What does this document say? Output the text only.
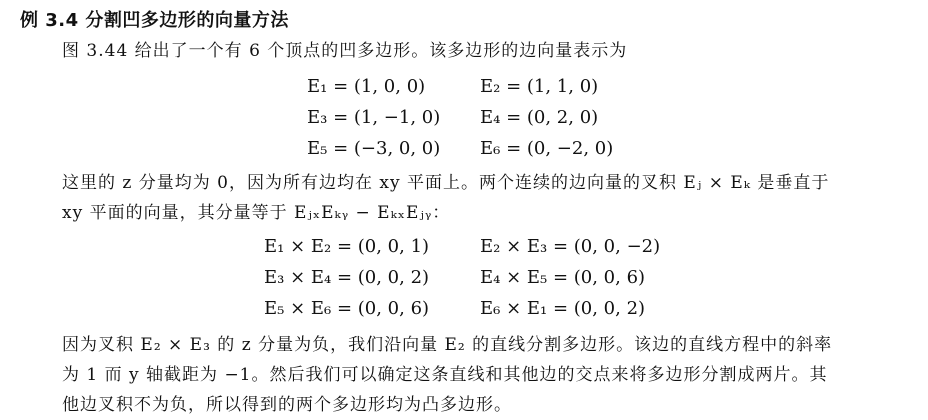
例 3.4 分割凹多边形的向量方法
图 3.44 给出了一个有 6 个顶点的凹多边形。该多边形的边向量表示为
E₁ = (1, 0, 0)	E₂ = (1, 1, 0)
E₃ = (1, −1, 0) E₄ = (0, 2, 0)
E₅ = (−3, 0, 0) E₆ = (0, −2, 0)
这里的 z 分量均为 0，因为所有边均在 xy 平面上。两个连续的边向量的叉积 Eⱼ × Eₖ 是垂直于
xy 平面的向量，其分量等于 EⱼₓEₖᵧ − EₖₓEⱼᵧ：
E₁ × E₂ = (0, 0, 1)	E₂ × E₃ = (0, 0, −2)
E₃ × E₄ = (0, 0, 2)	E₄ × E₅ = (0, 0, 6)
E₅ × E₆ = (0, 0, 6)	E₆ × E₁ = (0, 0, 2)
因为叉积 E₂ × E₃ 的 z 分量为负，我们沿向量 E₂ 的直线分割多边形。该边的直线方程中的斜率
为 1 而 y 轴截距为 −1。然后我们可以确定这条直线和其他边的交点来将多边形分割成两片。其
他边叉积不为负，所以得到的两个多边形均为凸多边形。
